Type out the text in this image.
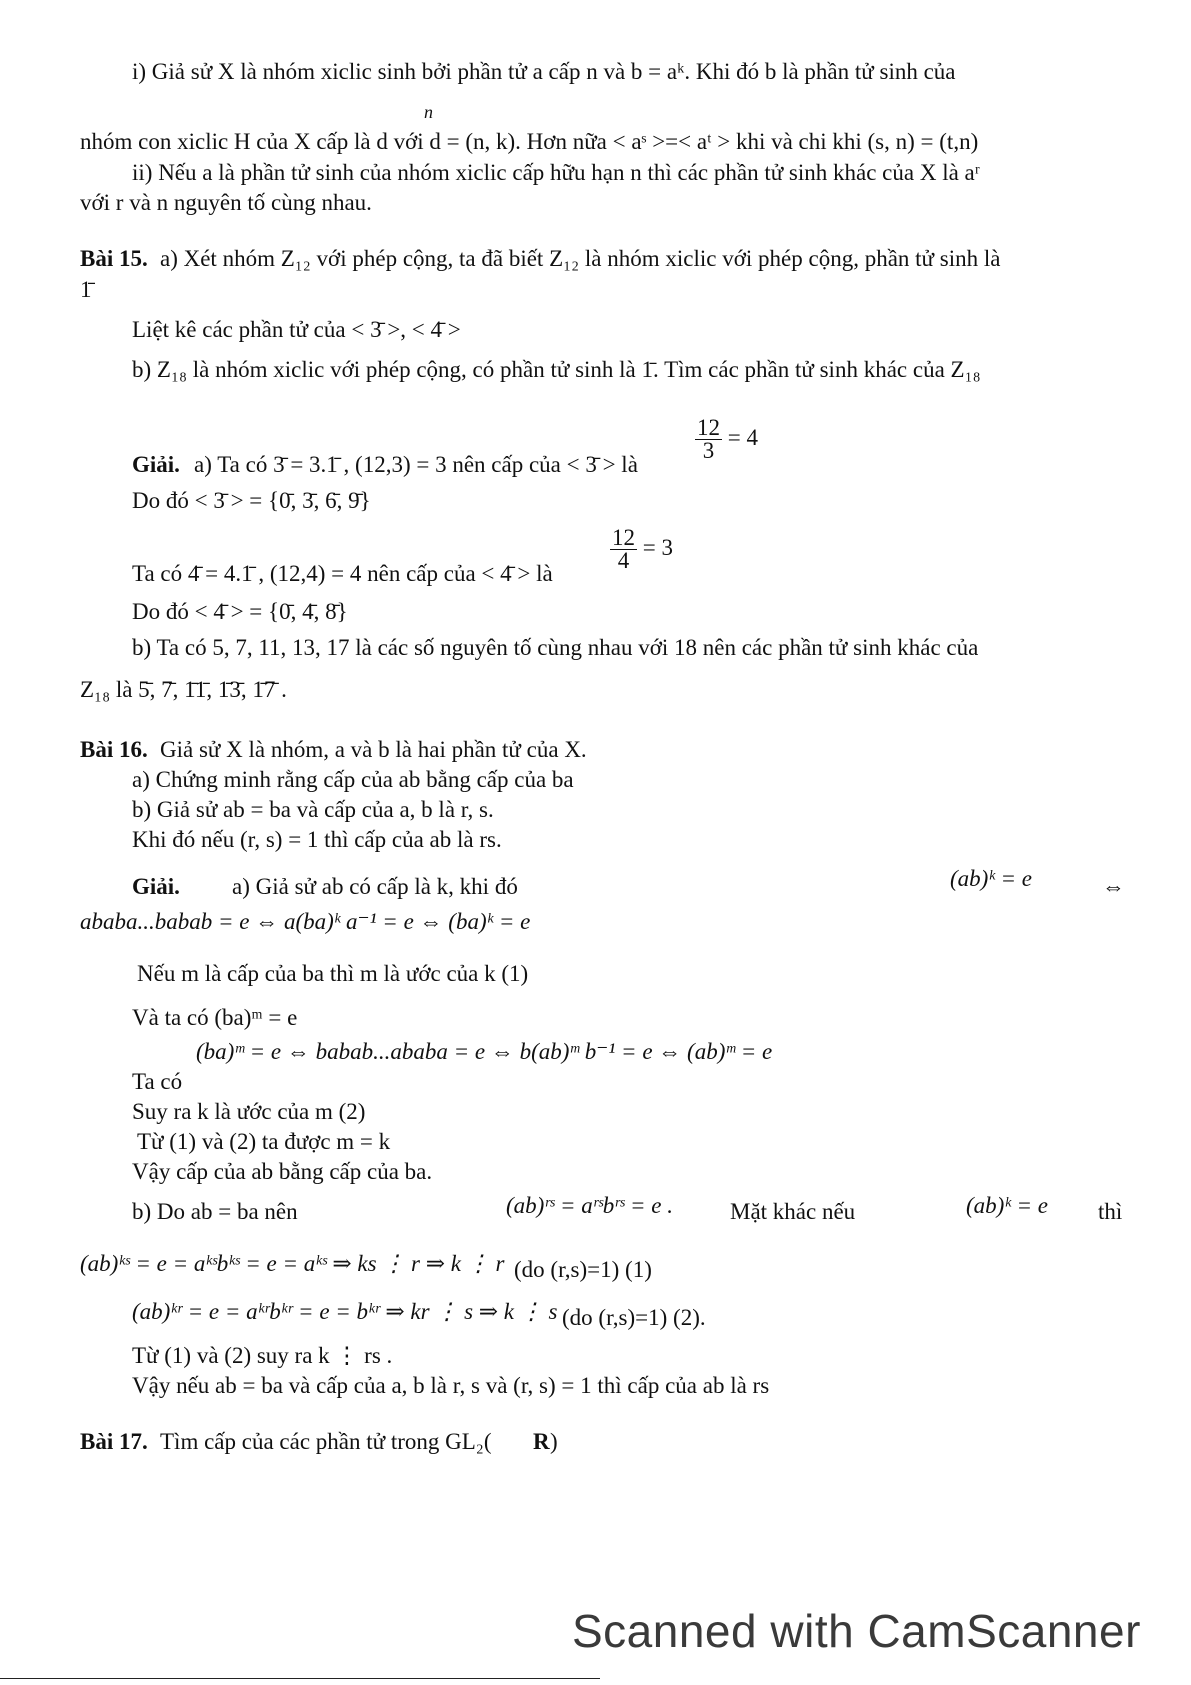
i) Giả sử X là nhóm xiclic sinh bởi phần tử a cấp n và b = aᵏ. Khi đó b là phần tử sinh của
n
nhóm con xiclic H của X cấp là d với d = (n, k). Hơn nữa < aˢ >=< aᵗ > khi và chi khi (s, n) = (t,n)
ii) Nếu a là phần tử sinh của nhóm xiclic cấp hữu hạn n thì các phần tử sinh khác của X là aʳ
với r và n nguyên tố cùng nhau.
Bài 15. a) Xét nhóm Z₁₂ với phép cộng, ta đã biết Z₁₂ là nhóm xiclic với phép cộng, phần tử sinh là
1̄
Liệt kê các phần tử của < 3̄ >, < 4̄ >
b) Z₁₈ là nhóm xiclic với phép cộng, có phần tử sinh là 1̄. Tìm các phần tử sinh khác của Z₁₈
Giải. a) Ta có 3̄ = 3.1̄ , (12,3) = 3 nên cấp của < 3̄ > là
Do đó < 3̄ > = {0̄, 3̄, 6̄, 9̄}
Ta có 4̄ = 4.1̄ , (12,4) = 4 nên cấp của < 4̄ > là
Do đó < 4̄ > = {0̄, 4̄, 8̄}
b) Ta có 5, 7, 11, 13, 17 là các số nguyên tố cùng nhau với 18 nên các phần tử sinh khác của
Z₁₈ là 5̄, 7̄, 1̄1̄, 1̄3̄, 1̄7̄ .
Bài 16. Giả sử X là nhóm, a và b là hai phần tử của X.
a) Chứng minh rằng cấp của ab bằng cấp của ba
b) Giả sử ab = ba và cấp của a, b là r, s.
Khi đó nếu (r, s) = 1 thì cấp của ab là rs.
Giải. a) Giả sử ab có cấp là k, khi đó	(ab)ᵏ = e	⇔
ababa...babab = e ⇔ a(ba)ᵏ a⁻¹ = e ⇔ (ba)ᵏ = e
Nếu m là cấp của ba thì m là ước của k (1)
Và ta có (ba)ᵐ = e
(ba)ᵐ = e ⇔ babab...ababa = e ⇔ b(ab)ᵐ b⁻¹ = e ⇔ (ab)ᵐ = e
Ta có
Suy ra k là ước của m (2)
Từ (1) và (2) ta được m = k
Vậy cấp của ab bằng cấp của ba.
b) Do ab = ba nên	(ab)ʳˢ = aʳˢbʳˢ = e . Mặt khác nếu	(ab)ᵏ = e thì
(ab)ᵏˢ = e = aᵏˢbᵏˢ = e = aᵏˢ ⇒ ks ⋮ r ⇒ k ⋮ r (do (r,s)=1) (1)
(ab)ᵏʳ = e = aᵏʳbᵏʳ = e = bᵏʳ ⇒ kr ⋮ s ⇒ k ⋮ s (do (r,s)=1) (2).
Từ (1) và (2) suy ra k ⋮ rs .
Vậy nếu ab = ba và cấp của a, b là r, s và (r, s) = 1 thì cấp của ab là rs
Bài 17. Tìm cấp của các phần tử trong GL₂( R )
$\frac{12}{3} = 4$
$\frac{12}{4} = 3$
Scanned with CamScanner
